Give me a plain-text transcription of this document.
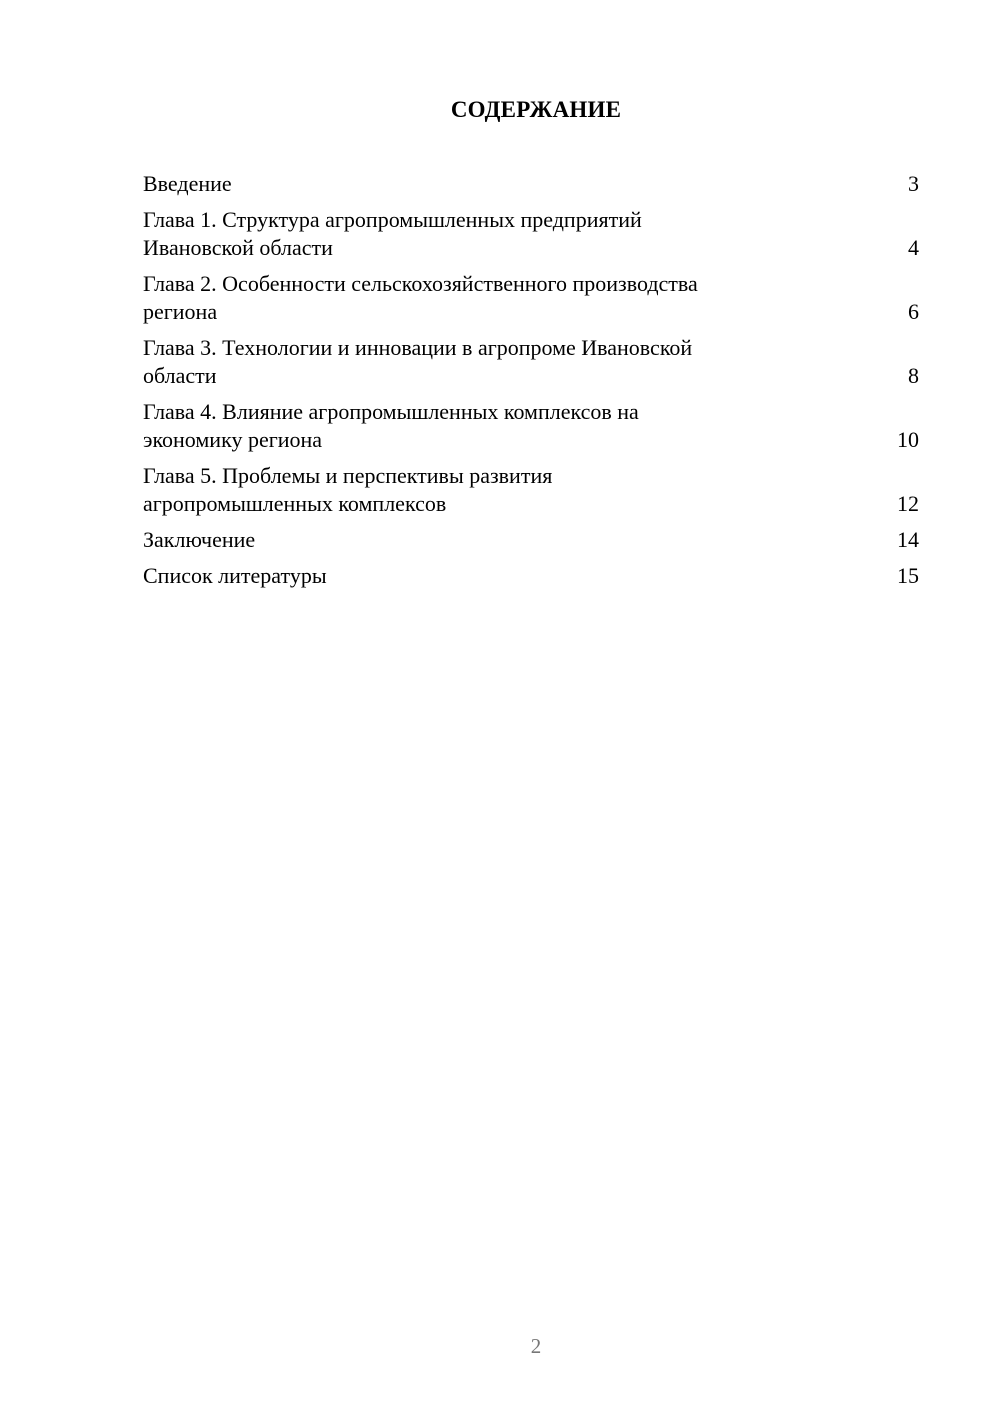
СОДЕРЖАНИЕ
Введение	3
Глава 1. Структура агропромышленных предприятий
Ивановской области	4
Глава 2. Особенности сельскохозяйственного производства
региона	6
Глава 3. Технологии и инновации в агропроме Ивановской
области	8
Глава 4. Влияние агропромышленных комплексов на
экономику региона	10
Глава 5. Проблемы и перспективы развития
агропромышленных комплексов	12
Заключение	14
Список литературы	15
2
